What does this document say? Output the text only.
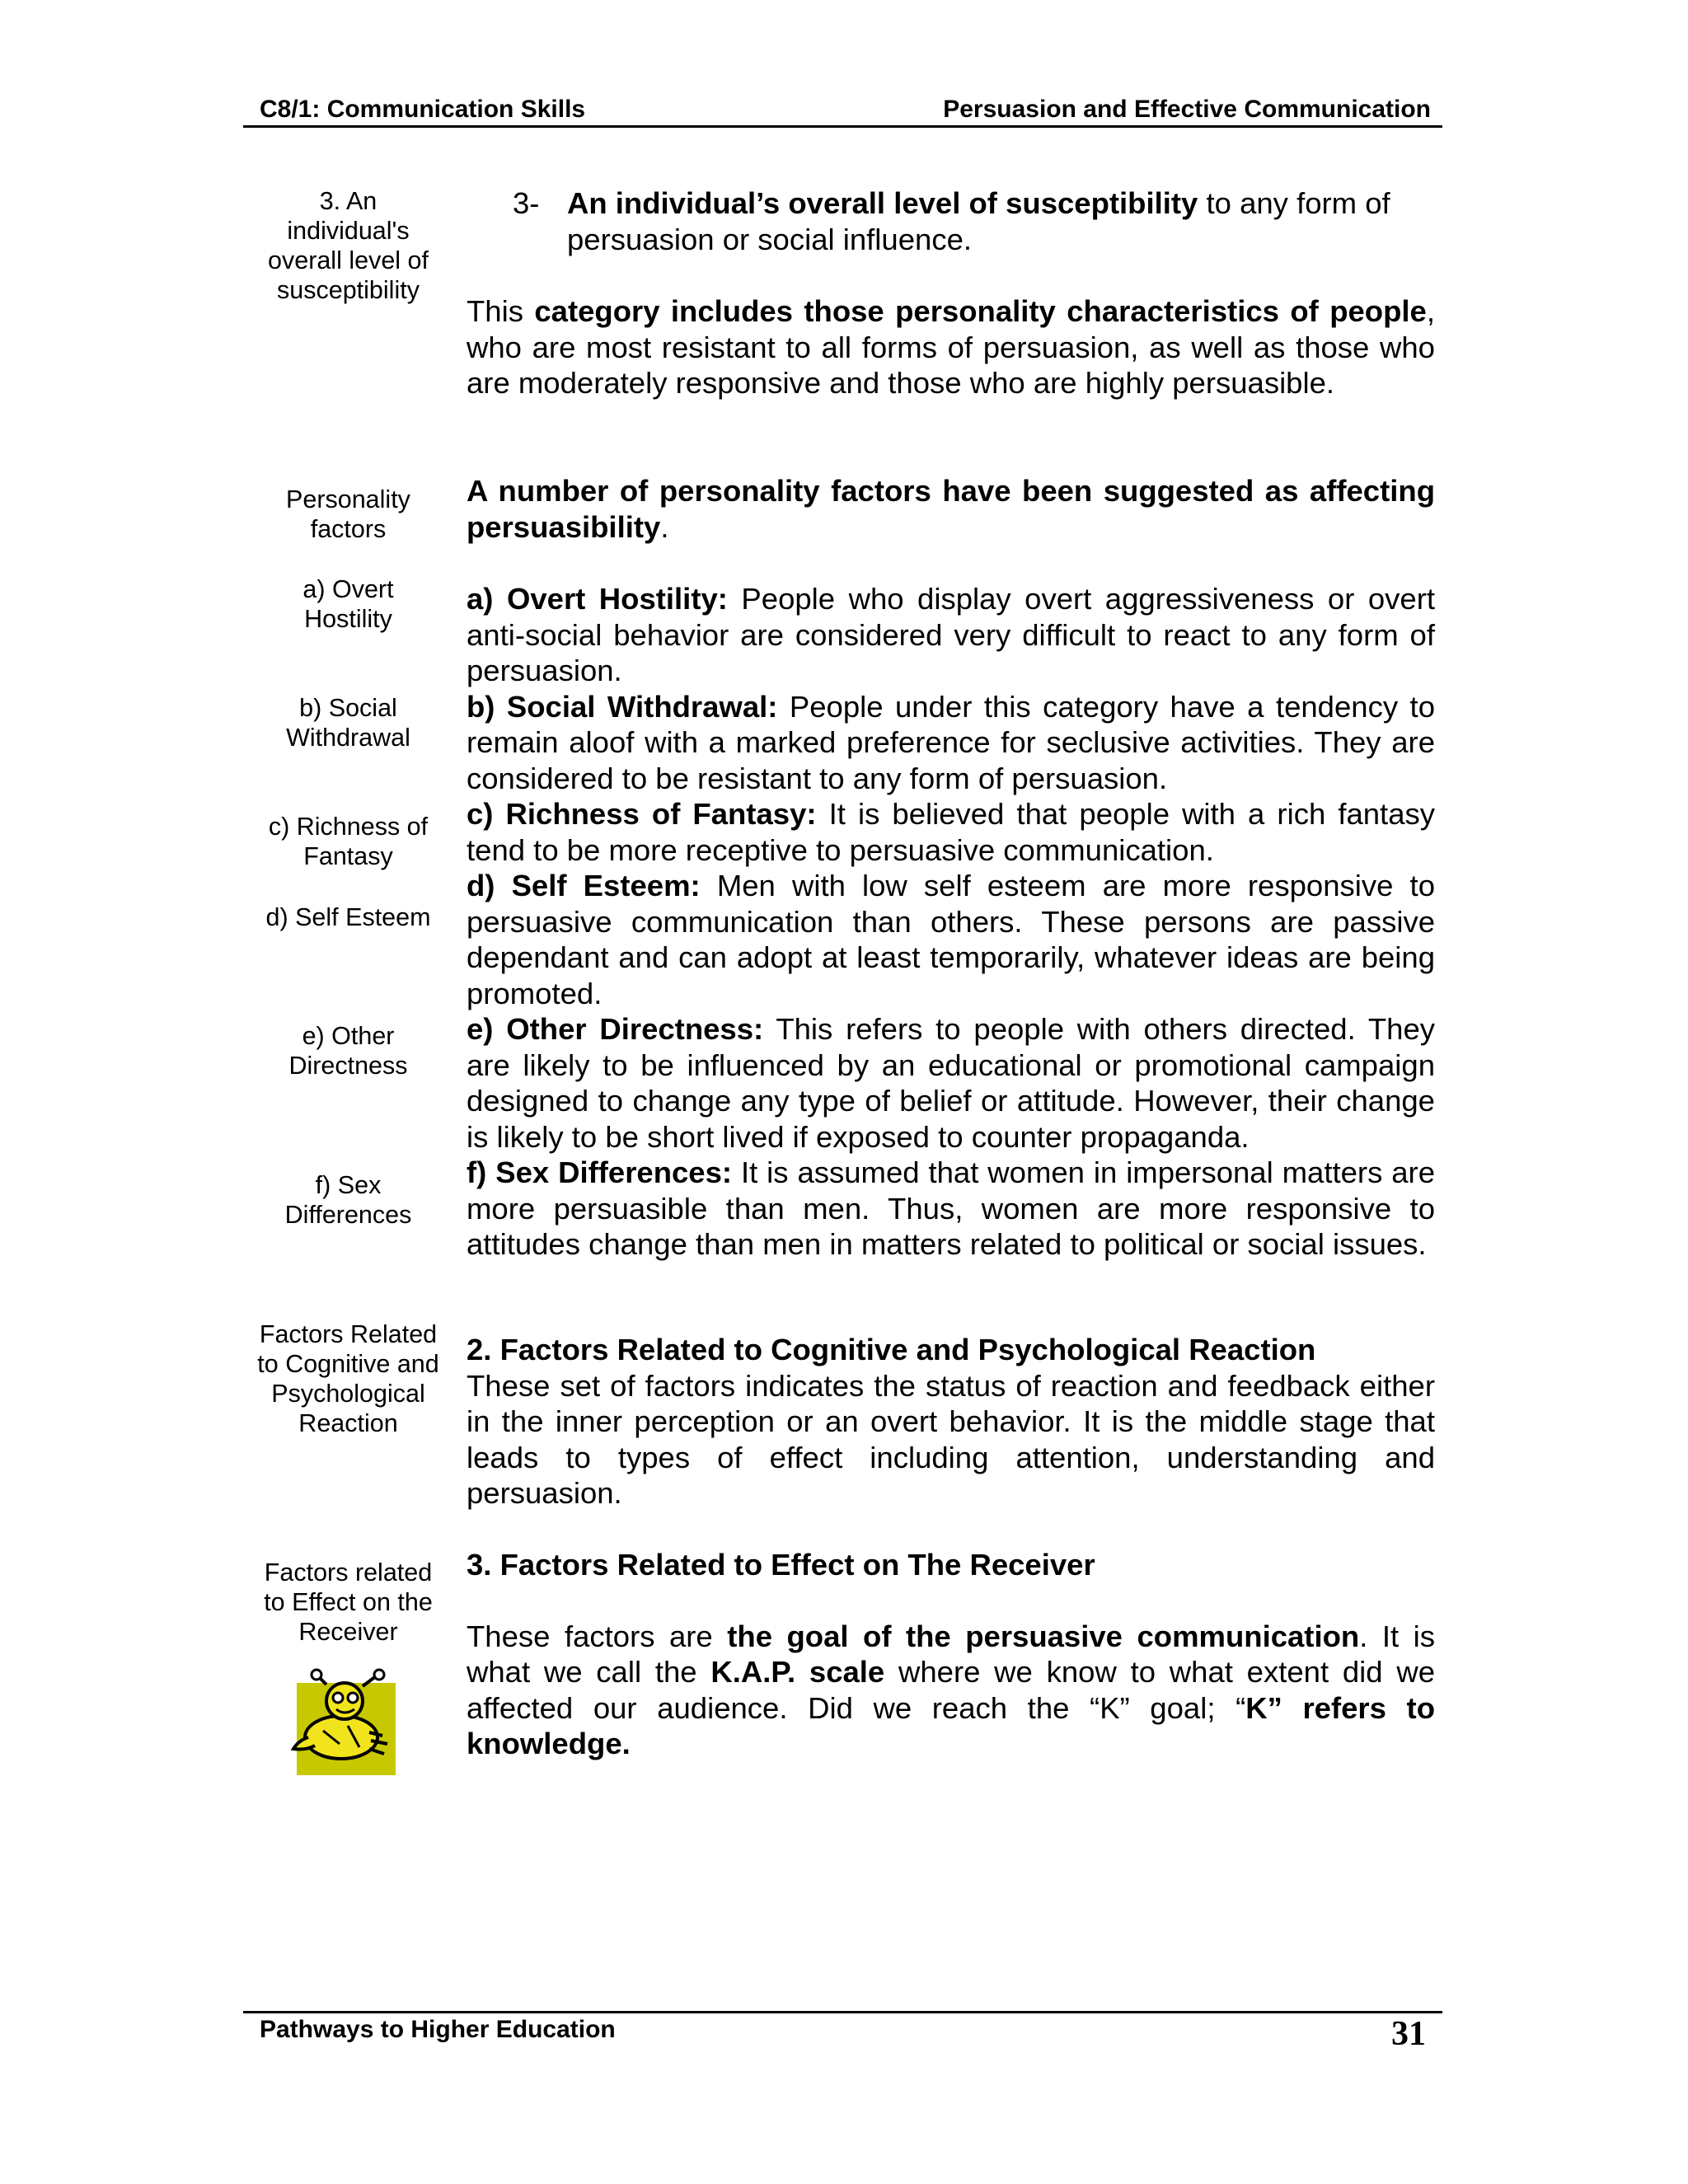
C8/1: Communication Skills	Persuasion and Effective Communication
3. An individual's overall level of susceptibility
Personality factors
a) Overt Hostility
b) Social Withdrawal
c) Richness of Fantasy
d) Self Esteem
e) Other Directness
f) Sex Differences
Factors Related to Cognitive and Psychological Reaction
Factors related to Effect on the Receiver
3- An individual’s overall level of susceptibility to any form of persuasion or social influence.

This category includes those personality characteristics of people, who are most resistant to all forms of persuasion, as well as those who are moderately responsive and those who are highly persuasible.

A number of personality factors have been suggested as affecting persuasibility.

a) Overt Hostility: People who display overt aggressiveness or overt anti-social behavior are considered very difficult to react to any form of persuasion.

b) Social Withdrawal: People under this category have a tendency to remain aloof with a marked preference for seclusive activities. They are considered to be resistant to any form of persuasion.

c) Richness of Fantasy: It is believed that people with a rich fantasy tend to be more receptive to persuasive communication.

d) Self Esteem: Men with low self esteem are more responsive to persuasive communication than others. These persons are passive dependant and can adopt at least temporarily, whatever ideas are being promoted.

e) Other Directness: This refers to people with others directed. They are likely to be influenced by an educational or promotional campaign designed to change any type of belief or attitude. However, their change is likely to be short lived if exposed to counter propaganda.

f) Sex Differences: It is assumed that women in impersonal matters are more persuasible than men. Thus, women are more responsive to attitudes change than men in matters related to political or social issues.

2. Factors Related to Cognitive and Psychological Reaction

These set of factors indicates the status of reaction and feedback either in the inner perception or an overt behavior. It is the middle stage that leads to types of effect including attention, understanding and persuasion.

3. Factors Related to Effect on The Receiver

These factors are the goal of the persuasive communication. It is what we call the K.A.P. scale where we know to what extent did we affected our audience. Did we reach the “K” goal; “K” refers to knowledge.

Pathways to Higher Education	31
